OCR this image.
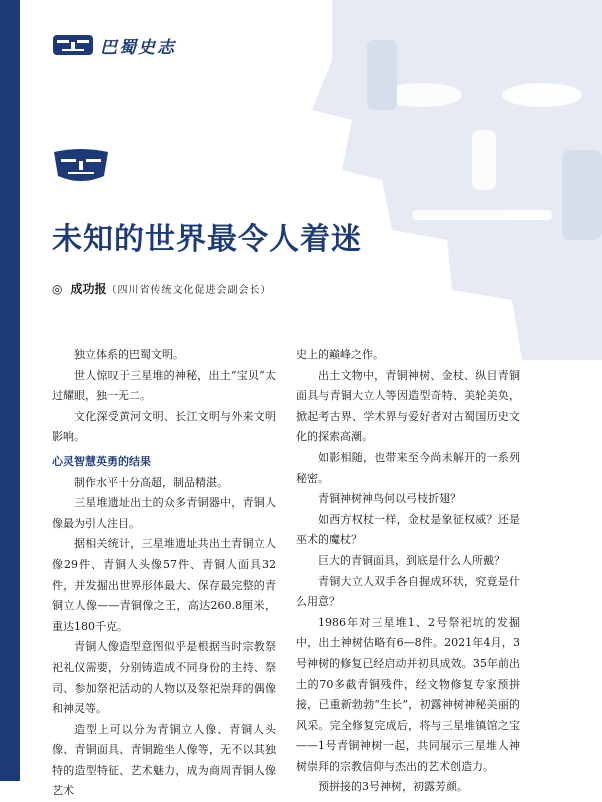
巴蜀史志
未知的世界最令人着迷
◎ 成功报 （四川省传统文化促进会副会长）

独立体系的巴蜀文明。

世人惊叹于三星堆的神秘，出土“宝贝”太过耀眼，独一无二。

文化深受黄河文明、长江文明与外来文明影响。

心灵智慧英勇的结果

制作水平十分高超，制品精湛。

三星堆遗址出土的众多青铜器中，青铜人像最为引人注目。

据相关统计，三星堆遗址共出土青铜立人像29件、青铜人头像57件、青铜人面具32件，并发掘出世界形体最大、保存最完整的青铜立人像——青铜像之王，高达260.8厘米，重达180千克。

青铜人像造型意图似乎是根据当时宗教祭祀礼仪需要，分别铸造成不同身份的主持、祭司、参加祭祀活动的人物以及祭祀崇拜的偶像和神灵等。

造型上可以分为青铜立人像、青铜人头像、青铜面具、青铜跪坐人像等，无不以其独特的造型特征、艺术魅力，成为商周青铜人像艺术

史上的巅峰之作。

出土文物中，青铜神树、金杖、纵目青铜面具与青铜大立人等因造型奇特、美轮美奂，掀起考古界、学术界与爱好者对古蜀国历史文化的探索高潮。

如影相随，也带来至今尚未解开的一系列秘密。

青铜神树神鸟何以弓枝折翅？

如西方权杖一样，金杖是象征权威？还是巫术的魔杖？

巨大的青铜面具，到底是什么人所戴？

青铜大立人双手各自握成环状，究竟是什么用意？

1986年对三星堆1、2号祭祀坑的发掘中，出土神树估略有6—8件。2021年4月，3号神树的修复已经启动并初具成效。35年前出土的70多截青铜残件，经文物修复专家预拼接，已重新勃勃“生长”，初露神树神秘美丽的风采。完全修复完成后，将与三星堆镇馆之宝——1号青铜神树一起，共同展示三星堆人神树崇拜的宗教信仰与杰出的艺术创造力。

预拼接的3号神树，初露芳颜。
